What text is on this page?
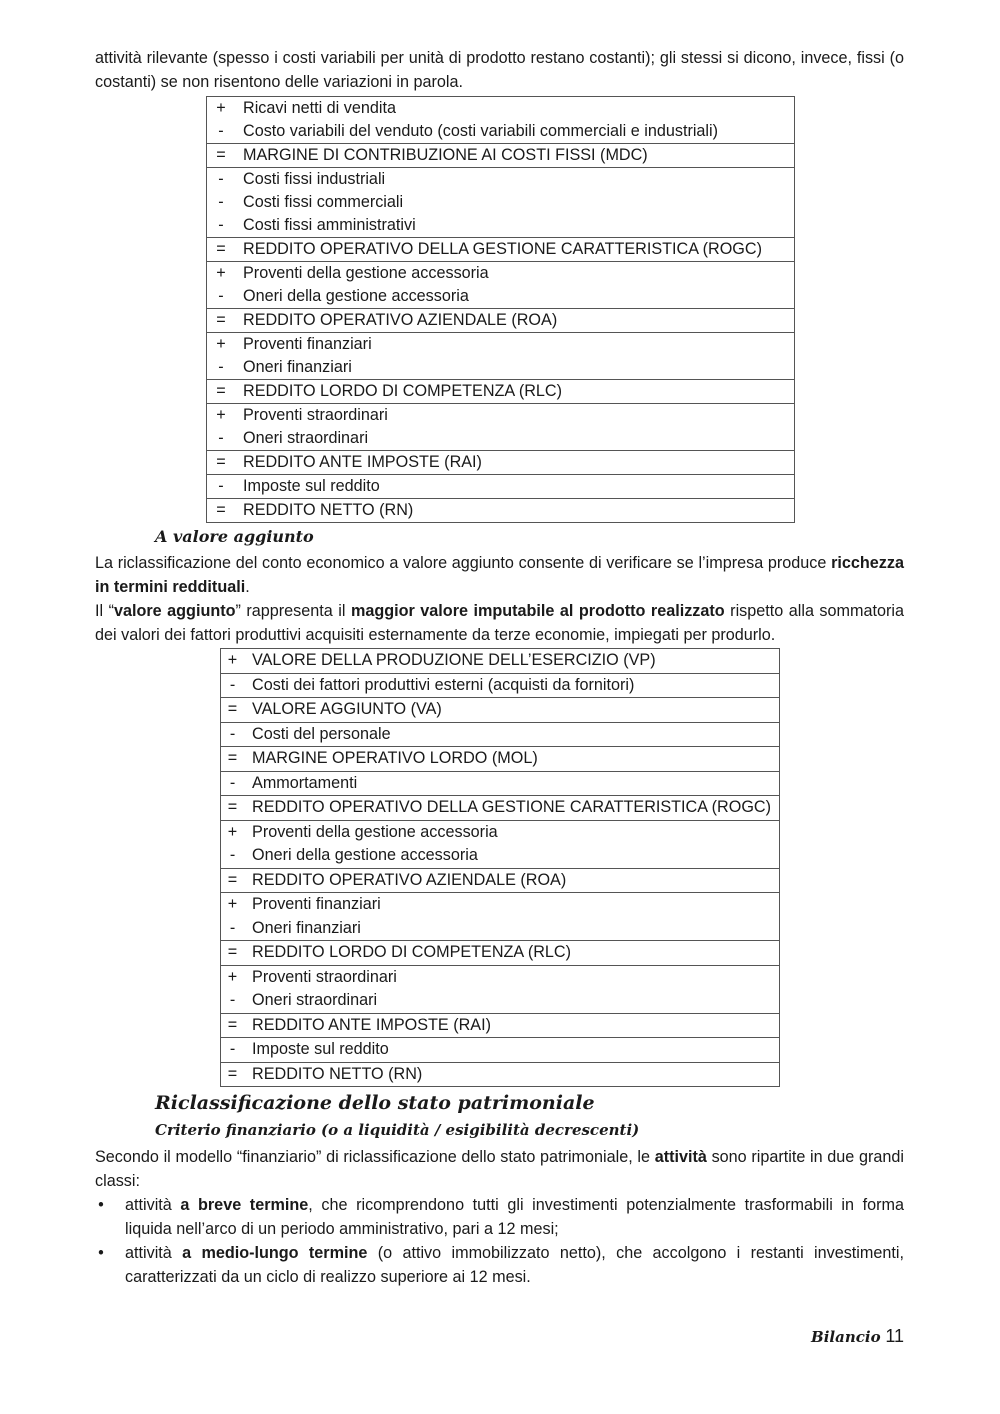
attività rilevante (spesso i costi variabili per unità di prodotto restano costanti); gli stessi si dicono, invece, fissi (o costanti) se non risentono delle variazioni in parola.

+	Ricavi netti di vendita
-	Costo variabili del venduto (costi variabili commerciali e industriali)
=	MARGINE DI CONTRIBUZIONE AI COSTI FISSI (MDC)
-	Costi fissi industriali
-	Costi fissi commerciali
-	Costi fissi amministrativi
=	REDDITO OPERATIVO DELLA GESTIONE CARATTERISTICA (ROGC)
+	Proventi della gestione accessoria
-	Oneri della gestione accessoria
=	REDDITO OPERATIVO AZIENDALE (ROA)
+	Proventi finanziari
-	Oneri finanziari
=	REDDITO LORDO DI COMPETENZA (RLC)
+	Proventi straordinari
-	Oneri straordinari
=	REDDITO ANTE IMPOSTE (RAI)
-	Imposte sul reddito
=	REDDITO NETTO (RN)
A valore aggiunto

La riclassificazione del conto economico a valore aggiunto consente di verificare se l’impresa produce ricchezza in termini reddituali.

Il “valore aggiunto” rappresenta il maggior valore imputabile al prodotto realizzato rispetto alla sommatoria dei valori dei fattori produttivi acquisiti esternamente da terze economie, impiegati per produrlo.

+	VALORE DELLA PRODUZIONE DELL’ESERCIZIO (VP)
-	Costi dei fattori produttivi esterni (acquisti da fornitori)
=	VALORE AGGIUNTO (VA)
-	Costi del personale
=	MARGINE OPERATIVO LORDO (MOL)
-	Ammortamenti
=	REDDITO OPERATIVO DELLA GESTIONE CARATTERISTICA (ROGC)
+	Proventi della gestione accessoria
-	Oneri della gestione accessoria
=	REDDITO OPERATIVO AZIENDALE (ROA)
+	Proventi finanziari
-	Oneri finanziari
=	REDDITO LORDO DI COMPETENZA (RLC)
+	Proventi straordinari
-	Oneri straordinari
=	REDDITO ANTE IMPOSTE (RAI)
-	Imposte sul reddito
=	REDDITO NETTO (RN)
Riclassificazione dello stato patrimoniale
Criterio finanziario (o a liquidità / esigibilità decrescenti)

Secondo il modello “finanziario” di riclassificazione dello stato patrimoniale, le attività sono ripartite in due grandi classi:

• attività a breve termine, che ricomprendono tutti gli investimenti potenzialmente trasformabili in forma liquida nell’arco di un periodo amministrativo, pari a 12 mesi;
• attività a medio-lungo termine (o attivo immobilizzato netto), che accolgono i restanti investimenti, caratterizzati da un ciclo di realizzo superiore ai 12 mesi.
Bilancio 11
